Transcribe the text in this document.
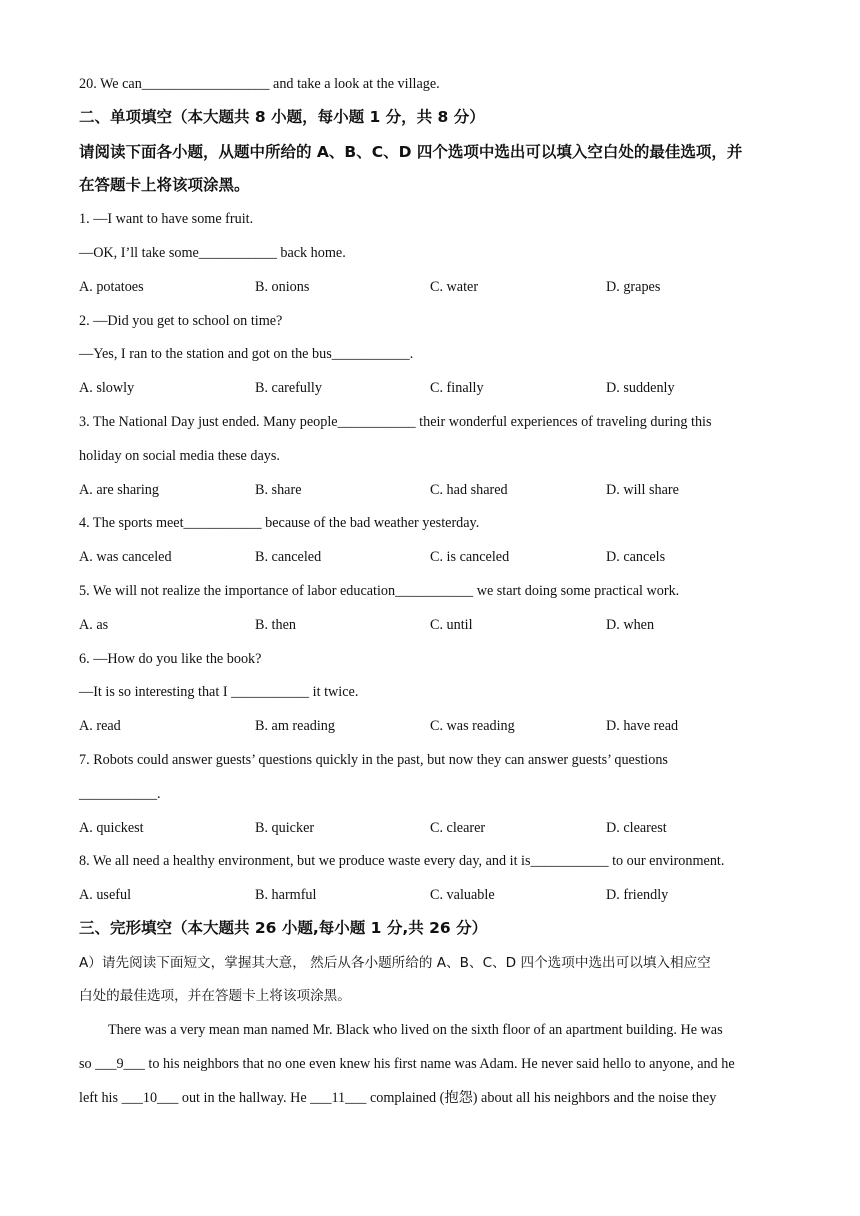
20. We can__________________ and take a look at the village.
二、单项填空（本大题共 8 小题，每小题 1 分，共 8 分）
请阅读下面各小题，从题中所给的 A、B、C、D 四个选项中选出可以填入空白处的最佳选项，并
在答题卡上将该项涂黑。
1. —I want to have some fruit.
—OK, I’ll take some___________ back home.
A. potatoes	B. onions	C. water	D. grapes
2. —Did you get to school on time?
—Yes, I ran to the station and got on the bus___________.
A. slowly	B. carefully	C. finally	D. suddenly
3. The National Day just ended. Many people___________ their wonderful experiences of traveling during this
holiday on social media these days.
A. are sharing	B. share	C. had shared	D. will share
4. The sports meet___________ because of the bad weather yesterday.
A. was canceled	B. canceled	C. is canceled	D. cancels
5. We will not realize the importance of labor education___________ we start doing some practical work.
A. as	B. then	C. until	D. when
6. —How do you like the book?
—It is so interesting that I ___________ it twice.
A. read	B. am reading	C. was reading	D. have read
7. Robots could answer guests’ questions quickly in the past, but now they can answer guests’ questions
___________.
A. quickest	B. quicker	C. clearer	D. clearest
8. We all need a healthy environment, but we produce waste every day, and it is___________ to our environment.
A. useful	B. harmful	C. valuable	D. friendly
三、完形填空（本大题共 26 小题,每小题 1 分,共 26 分）
A）请先阅读下面短文，掌握其大意， 然后从各小题所给的 A、B、C、D 四个选项中选出可以填入相应空
白处的最佳选项，并在答题卡上将该项涂黑。
There was a very mean man named Mr. Black who lived on the sixth floor of an apartment building. He was
so ___9___ to his neighbors that no one even knew his first name was Adam. He never said hello to anyone, and he
left his ___10___ out in the hallway. He ___11___ complained (抱怨) about all his neighbors and the noise they
